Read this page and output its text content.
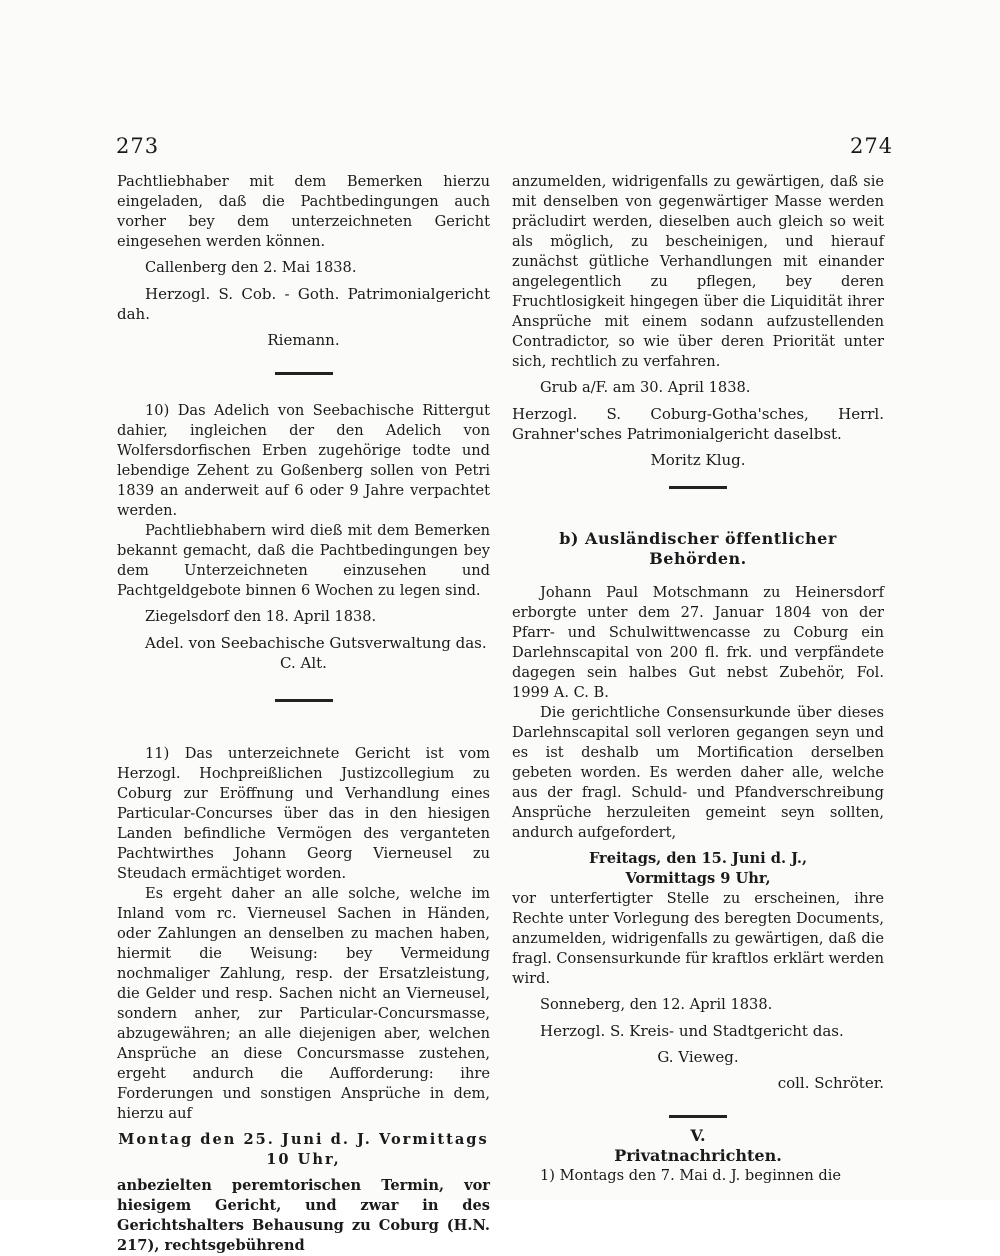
273	274

Pachtliebhaber mit dem Bemerken hierzu eingeladen, daß die Pachtbedingungen auch vorher bey dem unterzeichneten Gericht eingesehen werden können.

Callenberg den 2. Mai 1838.

Herzogl. S. Cob. - Goth. Patrimonialgericht dah.

Riemann.

10) Das Adelich von Seebachische Rittergut dahier, ingleichen der den Adelich von Wolfersdorfischen Erben zugehörige todte und lebendige Zehent zu Goßenberg sollen von Petri 1839 an anderweit auf 6 oder 9 Jahre verpachtet werden.

Pachtliebhabern wird dieß mit dem Bemerken bekannt gemacht, daß die Pachtbedingungen bey dem Unterzeichneten einzusehen und Pachtgeldgebote binnen 6 Wochen zu legen sind.

Ziegelsdorf den 18. April 1838.

Adel. von Seebachische Gutsverwaltung das.

C. Alt.

11) Das unterzeichnete Gericht ist vom Herzogl. Hochpreißlichen Justizcollegium zu Coburg zur Eröffnung und Verhandlung eines Particular-Concurses über das in den hiesigen Landen befindliche Vermögen des verganteten Pachtwirthes Johann Georg Vierneusel zu Steudach ermächtiget worden.

Es ergeht daher an alle solche, welche im Inland vom rc. Vierneusel Sachen in Händen, oder Zahlungen an denselben zu machen haben, hiermit die Weisung: bey Vermeidung nochmaliger Zahlung, resp. der Ersatzleistung, die Gelder und resp. Sachen nicht an Vierneusel, sondern anher, zur Particular-Concursmasse, abzugewähren; an alle diejenigen aber, welchen Ansprüche an diese Concursmasse zustehen, ergeht andurch die Aufforderung: ihre Forderungen und sonstigen Ansprüche in dem, hierzu auf

Montag den 25. Juni d. J. Vormittags

10 Uhr,

anbezielten peremtorischen Termin, vor hiesigem Gericht, und zwar in des Gerichtshalters Behausung zu Coburg (H.N. 217), rechtsgebührend

anzumelden, widrigenfalls zu gewärtigen, daß sie mit denselben von gegenwärtiger Masse werden präcludirt werden, dieselben auch gleich so weit als möglich, zu bescheinigen, und hierauf zunächst gütliche Verhandlungen mit einander angelegentlich zu pflegen, bey deren Fruchtlosigkeit hingegen über die Liquidität ihrer Ansprüche mit einem sodann aufzustellenden Contradictor, so wie über deren Priorität unter sich, rechtlich zu verfahren.

Grub a/F. am 30. April 1838.

Herzogl. S. Coburg-Gotha'sches, Herrl. Grahner'sches Patrimonialgericht daselbst.

Moritz Klug.

b) Ausländischer öffentlicher Behörden.

Johann Paul Motschmann zu Heinersdorf erborgte unter dem 27. Januar 1804 von der Pfarr- und Schulwittwencasse zu Coburg ein Darlehnscapital von 200 fl. frk. und verpfändete dagegen sein halbes Gut nebst Zubehör, Fol. 1999 A. C. B.

Die gerichtliche Consensurkunde über dieses Darlehnscapital soll verloren gegangen seyn und es ist deshalb um Mortification derselben gebeten worden. Es werden daher alle, welche aus der fragl. Schuld- und Pfandverschreibung Ansprüche herzuleiten gemeint seyn sollten, andurch aufgefordert,

Freitags, den 15. Juni d. J.,

Vormittags 9 Uhr,

vor unterfertigter Stelle zu erscheinen, ihre Rechte unter Vorlegung des beregten Documents, anzumelden, widrigenfalls zu gewärtigen, daß die fragl. Consensurkunde für kraftlos erklärt werden wird.

Sonneberg, den 12. April 1838.

Herzogl. S. Kreis- und Stadtgericht das.

G. Vieweg.

coll. Schröter.

V.

Privatnachrichten.

1) Montags den 7. Mai d. J. beginnen die
